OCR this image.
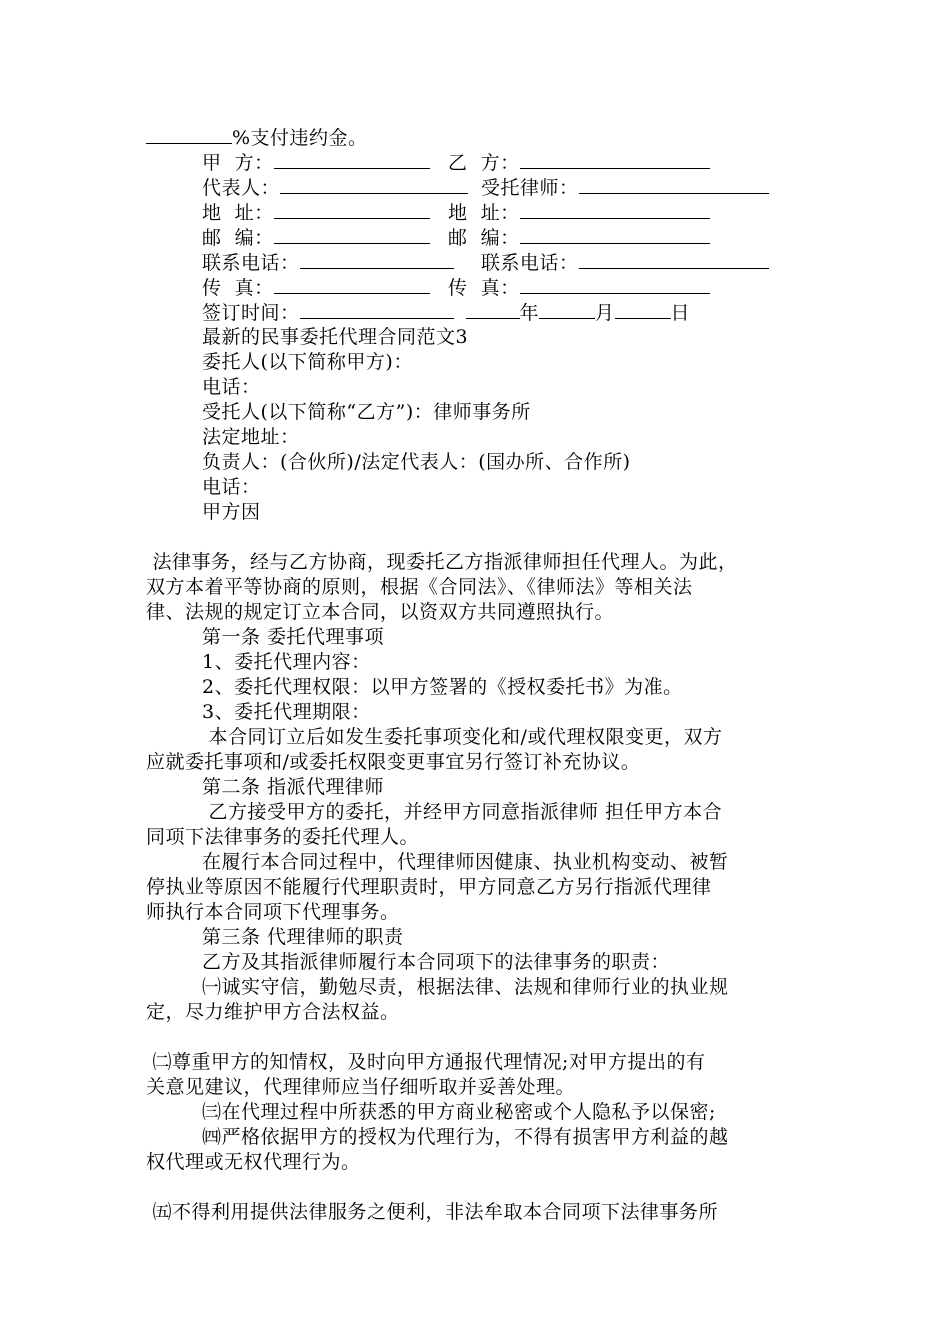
%支付违约金。
甲  方：	乙  方：
代表人：	受托律师：
地  址：	地  址：
邮  编：	邮  编：
联系电话：	联系电话：
传  真：	传  真：
签订时间：	年	月	日
最新的民事委托代理合同范文3
委托人(以下简称甲方)：
电话：
受托人(以下简称“乙方”)：律师事务所
法定地址：
负责人：(合伙所)/法定代表人：(国办所、合作所)
电话：
甲方因
法律事务，经与乙方协商，现委托乙方指派律师担任代理人。为此，
双方本着平等协商的原则，根据《合同法》、《律师法》等相关法
律、法规的规定订立本合同，以资双方共同遵照执行。
第一条 委托代理事项
1、委托代理内容：
2、委托代理权限：以甲方签署的《授权委托书》为准。
3、委托代理期限：
本合同订立后如发生委托事项变化和/或代理权限变更，双方
应就委托事项和/或委托权限变更事宜另行签订补充协议。
第二条 指派代理律师
乙方接受甲方的委托，并经甲方同意指派律师 担任甲方本合
同项下法律事务的委托代理人。
在履行本合同过程中，代理律师因健康、执业机构变动、被暂
停执业等原因不能履行代理职责时，甲方同意乙方另行指派代理律
师执行本合同项下代理事务。
第三条 代理律师的职责
乙方及其指派律师履行本合同项下的法律事务的职责：
㈠诚实守信，勤勉尽责，根据法律、法规和律师行业的执业规
定，尽力维护甲方合法权益。
㈡尊重甲方的知情权，及时向甲方通报代理情况;对甲方提出的有
关意见建议，代理律师应当仔细听取并妥善处理。
㈢在代理过程中所获悉的甲方商业秘密或个人隐私予以保密;
㈣严格依据甲方的授权为代理行为，不得有损害甲方利益的越
权代理或无权代理行为。
㈤不得利用提供法律服务之便利，非法牟取本合同项下法律事务所
